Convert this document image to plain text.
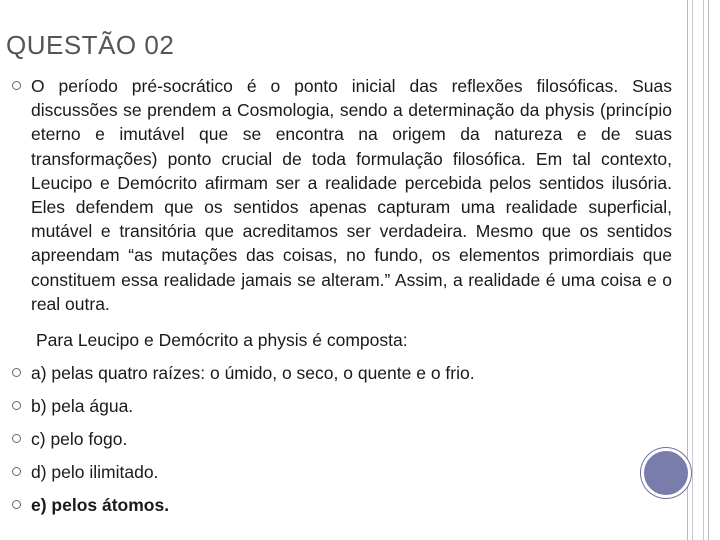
QUESTÃO 02
O período pré-socrático é o ponto inicial das reflexões filosóficas. Suas discussões se prendem a Cosmologia, sendo a determinação da physis (princípio eterno e imutável que se encontra na origem da natureza e de suas transformações) ponto crucial de toda formulação filosófica. Em tal contexto, Leucipo e Demócrito afirmam ser a realidade percebida pelos sentidos ilusória. Eles defendem que os sentidos apenas capturam uma realidade superficial, mutável e transitória que acreditamos ser verdadeira. Mesmo que os sentidos apreendam “as mutações das coisas, no fundo, os elementos primordiais que constituem essa realidade jamais se alteram.” Assim, a realidade é uma coisa e o real outra.
Para Leucipo e Demócrito a physis é composta:
a) pelas quatro raízes: o úmido, o seco, o quente e o frio.
b) pela água.
c) pelo fogo.
d) pelo ilimitado.
e) pelos átomos.
